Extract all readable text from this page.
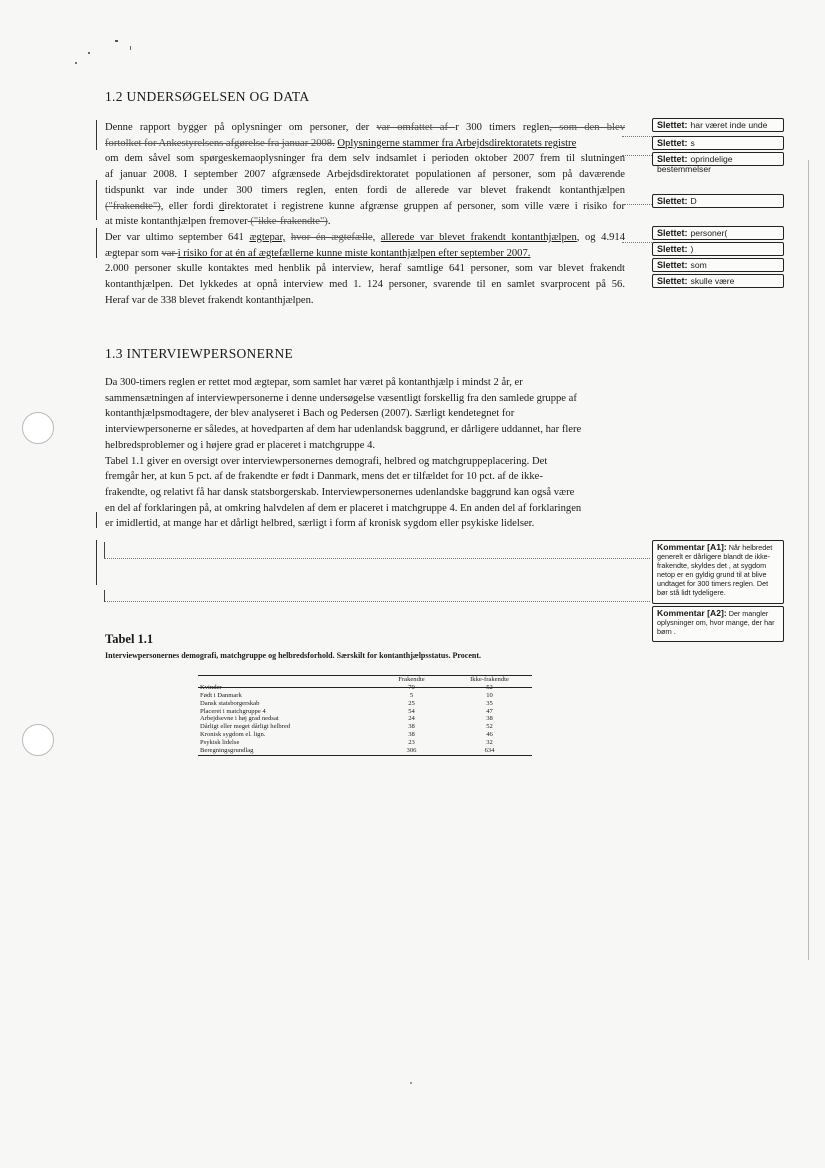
1.2 UNDERSØGELSEN OG DATA
Denne rapport bygger på oplysninger om personer, der var omfattet af r 300 timers reglen, som den blev
fortolket for Ankestyrelsens afgørelse fra januar 2008. Oplysningerne stammer fra Arbejdsdirektoratets registre
om dem såvel som spørgeskemaoplysninger fra dem selv indsamlet i perioden oktober 2007 frem til slutningen
af januar 2008. I september 2007 afgrænsede Arbejdsdirektoratet populationen af personer, som på daværende
tidspunkt var inde under 300 timers reglen, enten fordi de allerede var blevet frakendt kontanthjælpen
("frakendte"), eller fordi direktoratet i registrene kunne afgrænse gruppen af personer, som ville være i risiko for
at miste kontanthjælpen fremover ("ikke-frakendte").
Der var ultimo september 641 ægtepar, hvor én ægtefælle, allerede var blevet frakendt kontanthjælpen, og 4.914
ægtepar som var i risiko for at én af ægtefællerne kunne miste kontanthjælpen efter september 2007.
2.000 personer skulle kontaktes med henblik på interview, heraf samtlige 641 personer, som var blevet frakendt
kontanthjælpen. Det lykkedes at opnå interview med 1. 124 personer, svarende til en samlet svarprocent på 56.
Heraf var de 338 blevet frakendt kontanthjælpen.
Slettet: har været inde unde
Slettet: s
Slettet: oprindelige bestemmelser
Slettet: D
Slettet: personer(
Slettet: )
Slettet: som
Slettet: skulle være
1.3 INTERVIEWPERSONERNE
Da 300-timers reglen er rettet mod ægtepar, som samlet har været på kontanthjælp i mindst 2 år, er
sammensætningen af interviewpersonerne i denne undersøgelse væsentligt forskellig fra den samlede gruppe af
kontanthjælpsmodtagere, der blev analyseret i Bach og Pedersen (2007). Særligt kendetegnet for
interviewpersonerne er således, at hovedparten af dem har udenlandsk baggrund, er dårligere uddannet, har flere
helbredsproblemer og i højere grad er placeret i matchgruppe 4.
Tabel 1.1 giver en oversigt over interviewpersonernes demografi, helbred og matchgruppeplacering. Det
fremgår her, at kun 5 pct. af de frakendte er født i Danmark, mens det er tilfældet for 10 pct. af de ikke-
frakendte, og relativt få har dansk statsborgerskab. Interviewpersonernes udenlandske baggrund kan også være
en del af forklaringen på, at omkring halvdelen af dem er placeret i matchgruppe 4. En anden del af forklaringen
er imidlertid, at mange har et dårligt helbred, særligt i form af kronisk sygdom eller psykiske lidelser.
Kommentar [A1]: Når helbredet generelt er dårligere blandt de ikke-frakendte, skyldes det , at sygdom netop er en gyldig grund til at blive undtaget for 300 timers reglen. Det bør stå lidt tydeligere.
Kommentar [A2]: Der mangler oplysninger om, hvor mange, der har børn .
Tabel 1.1
Interviewpersonernes demografi, matchgruppe og helbredsforhold. Særskilt for kontanthjælpsstatus. Procent.
	Frakendte	Ikke-frakendte
Kvinder	70	52
Født i Danmark	5	10
Dansk statsborgerskab	25	35
Placeret i matchgruppe 4	54	47
Arbejdsevne i høj grad nedsat	24	38
Dårligt eller meget dårligt helbred	38	52
Kronisk sygdom el. lign.	38	46
Psykisk lidelse	23	32
Beregningsgrundlag	306	634
